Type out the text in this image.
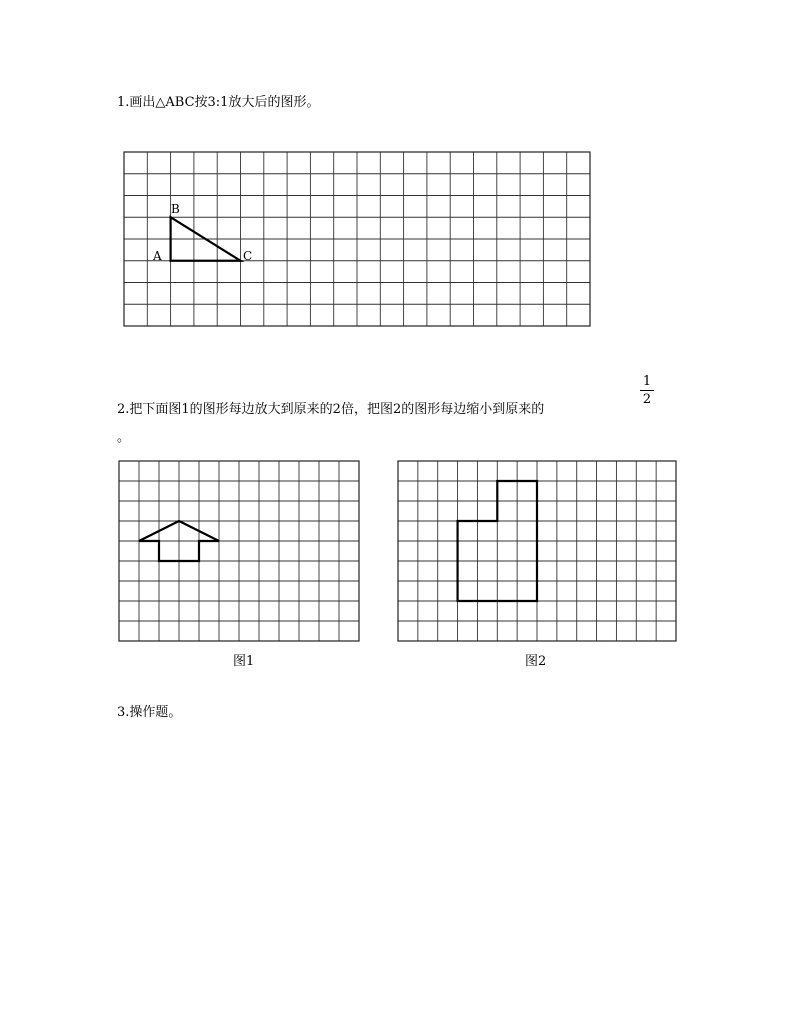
1.画出△ABC按3:1放大后的图形。
2.把下面图1的图形每边放大到原来的2倍，把图2的图形每边缩小到原来的
1
2
。
3.操作题。
B
A	C
图1	图2
